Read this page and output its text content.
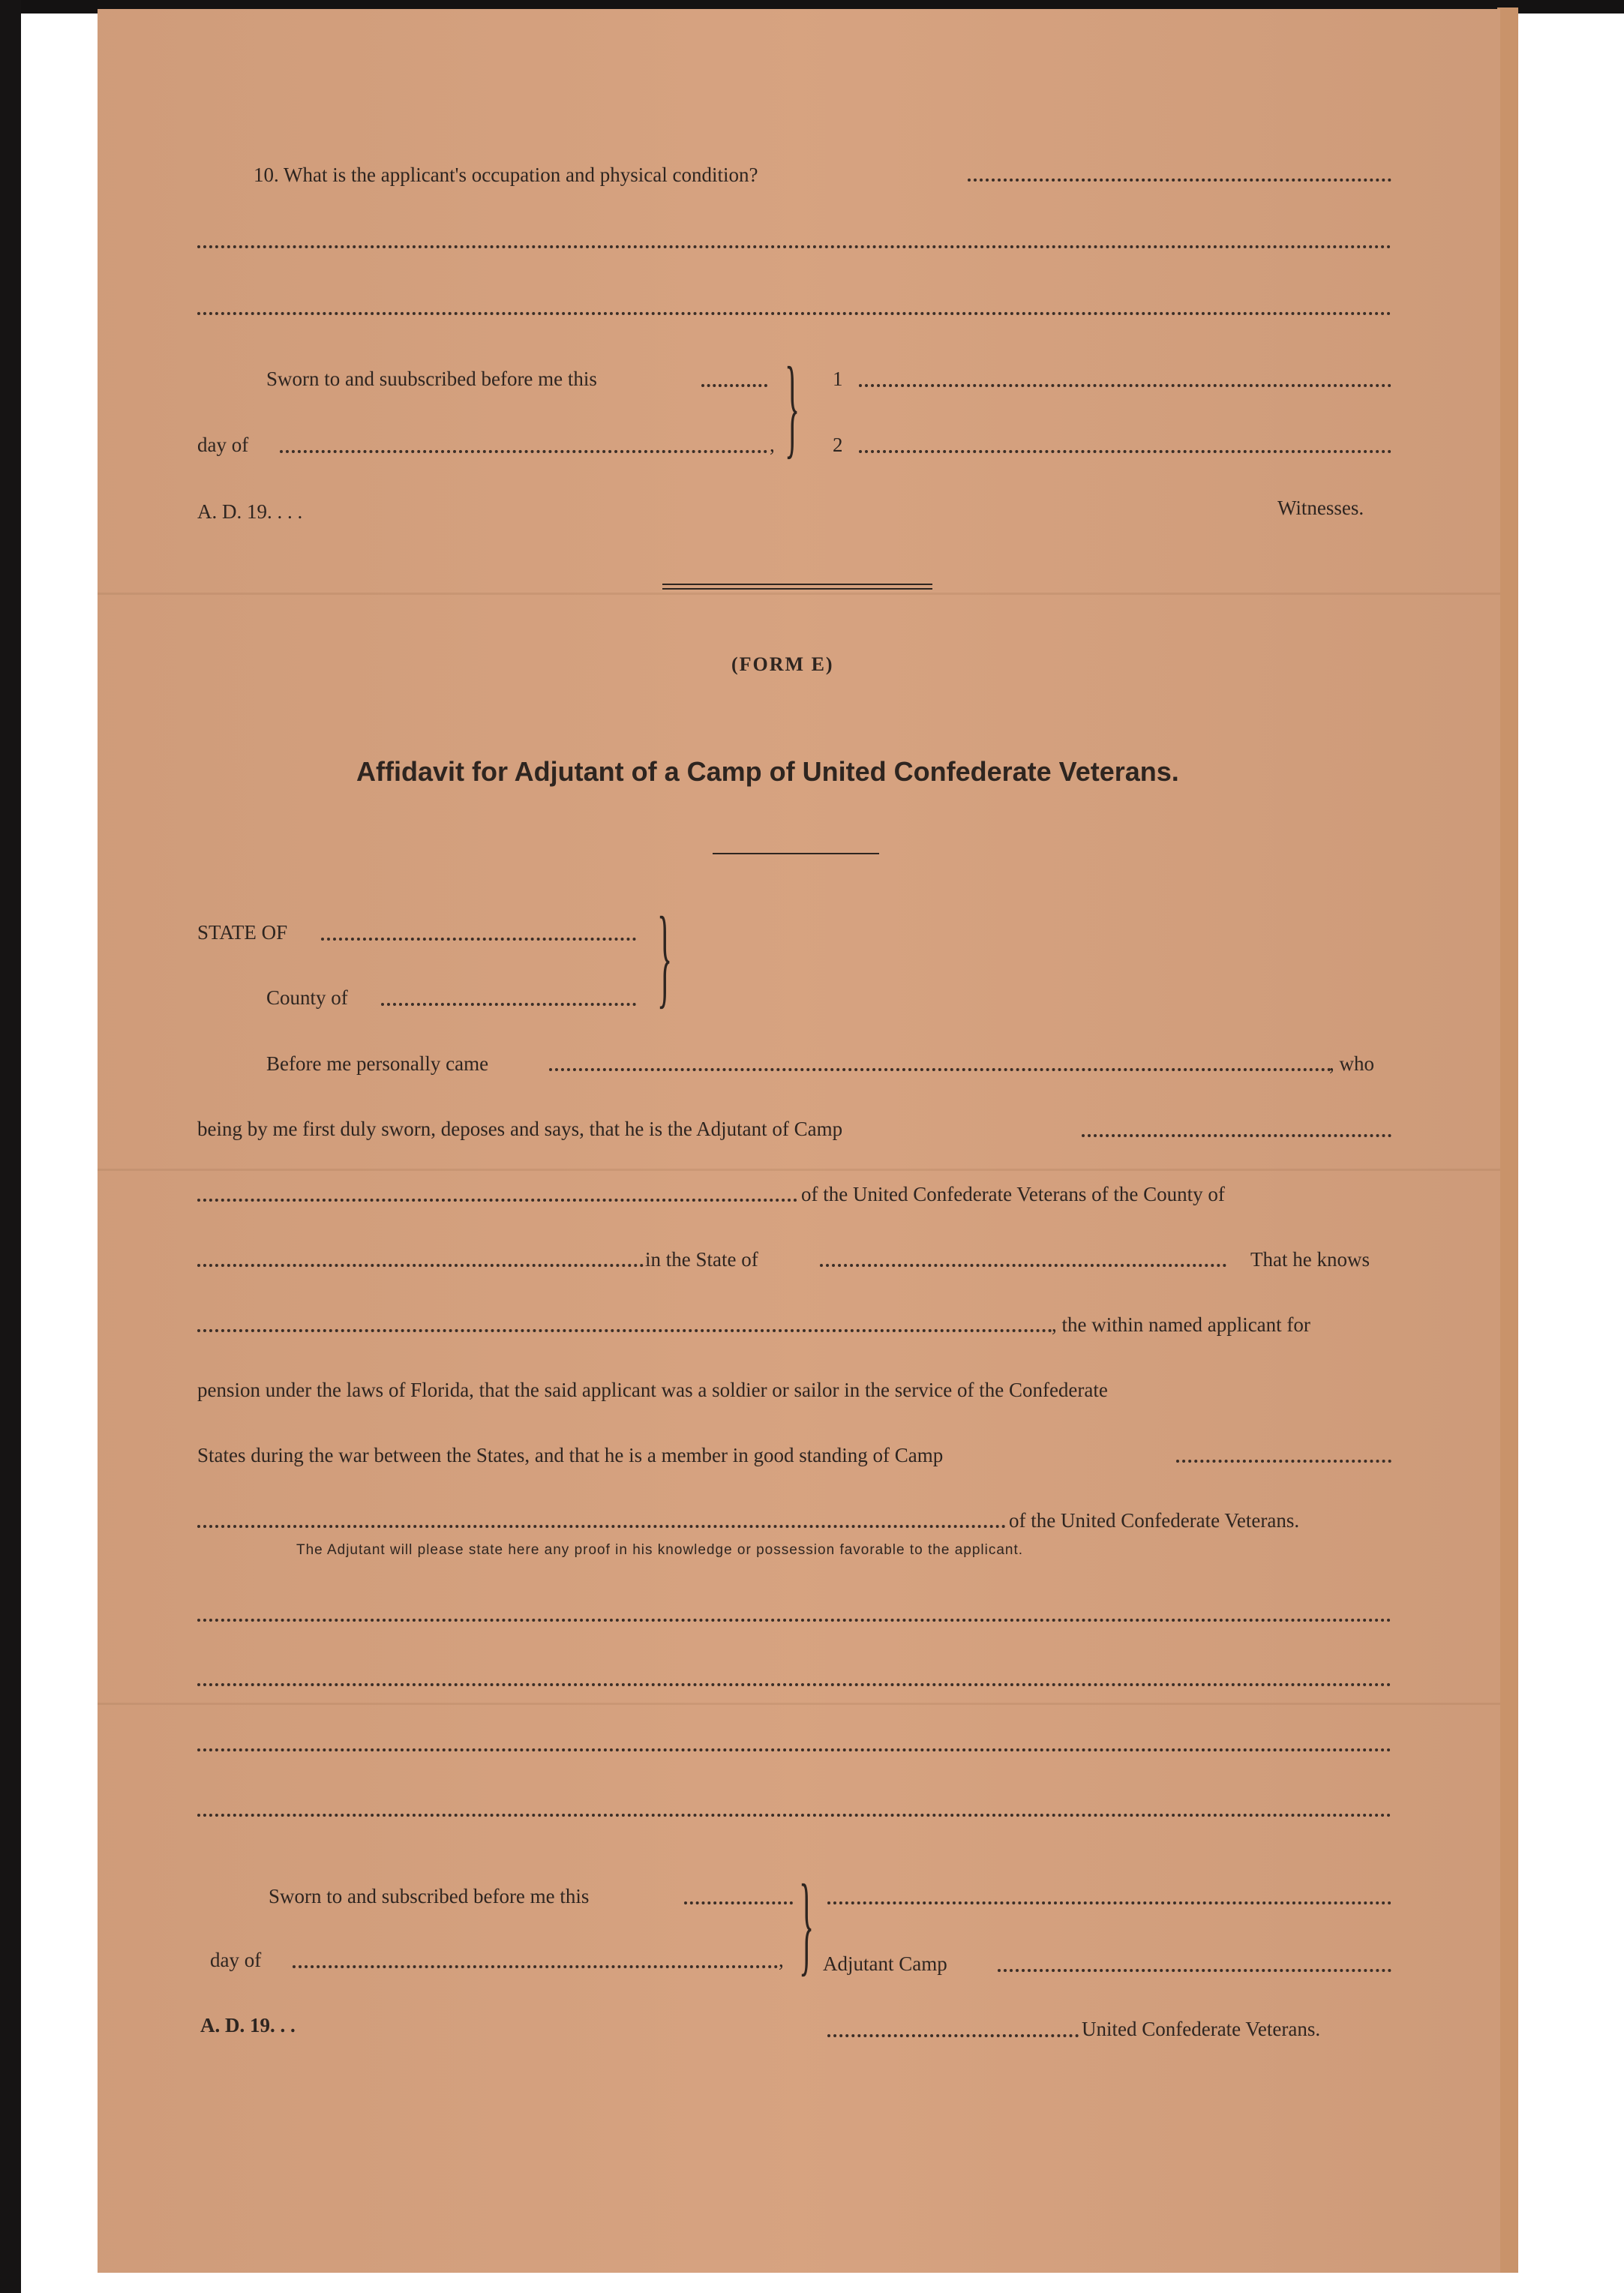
10. What is the applicant's occupation and physical condition?
Sworn to and suubscribed before me this
day of	,
A. D. 19. . . .
} 1
2
Witnesses.
(FORM E)
Affidavit for Adjutant of a Camp of United Confederate Veterans.
STATE OF
County of	}
Before me personally came	, who
being by me first duly sworn, deposes and says, that he is the Adjutant of Camp
of the United Confederate Veterans of the County of
in the State of	That he knows
, the within named applicant for
pension under the laws of Florida, that the said applicant was a soldier or sailor in the service of the Confederate
States during the war between the States, and that he is a member in good standing of Camp
of the United Confederate Veterans.
The Adjutant will please state here any proof in his knowledge or possession favorable to the applicant.
Sworn to and subscribed before me this
day of	,
A. D. 19. . .
} Adjutant Camp
United Confederate Veterans.
